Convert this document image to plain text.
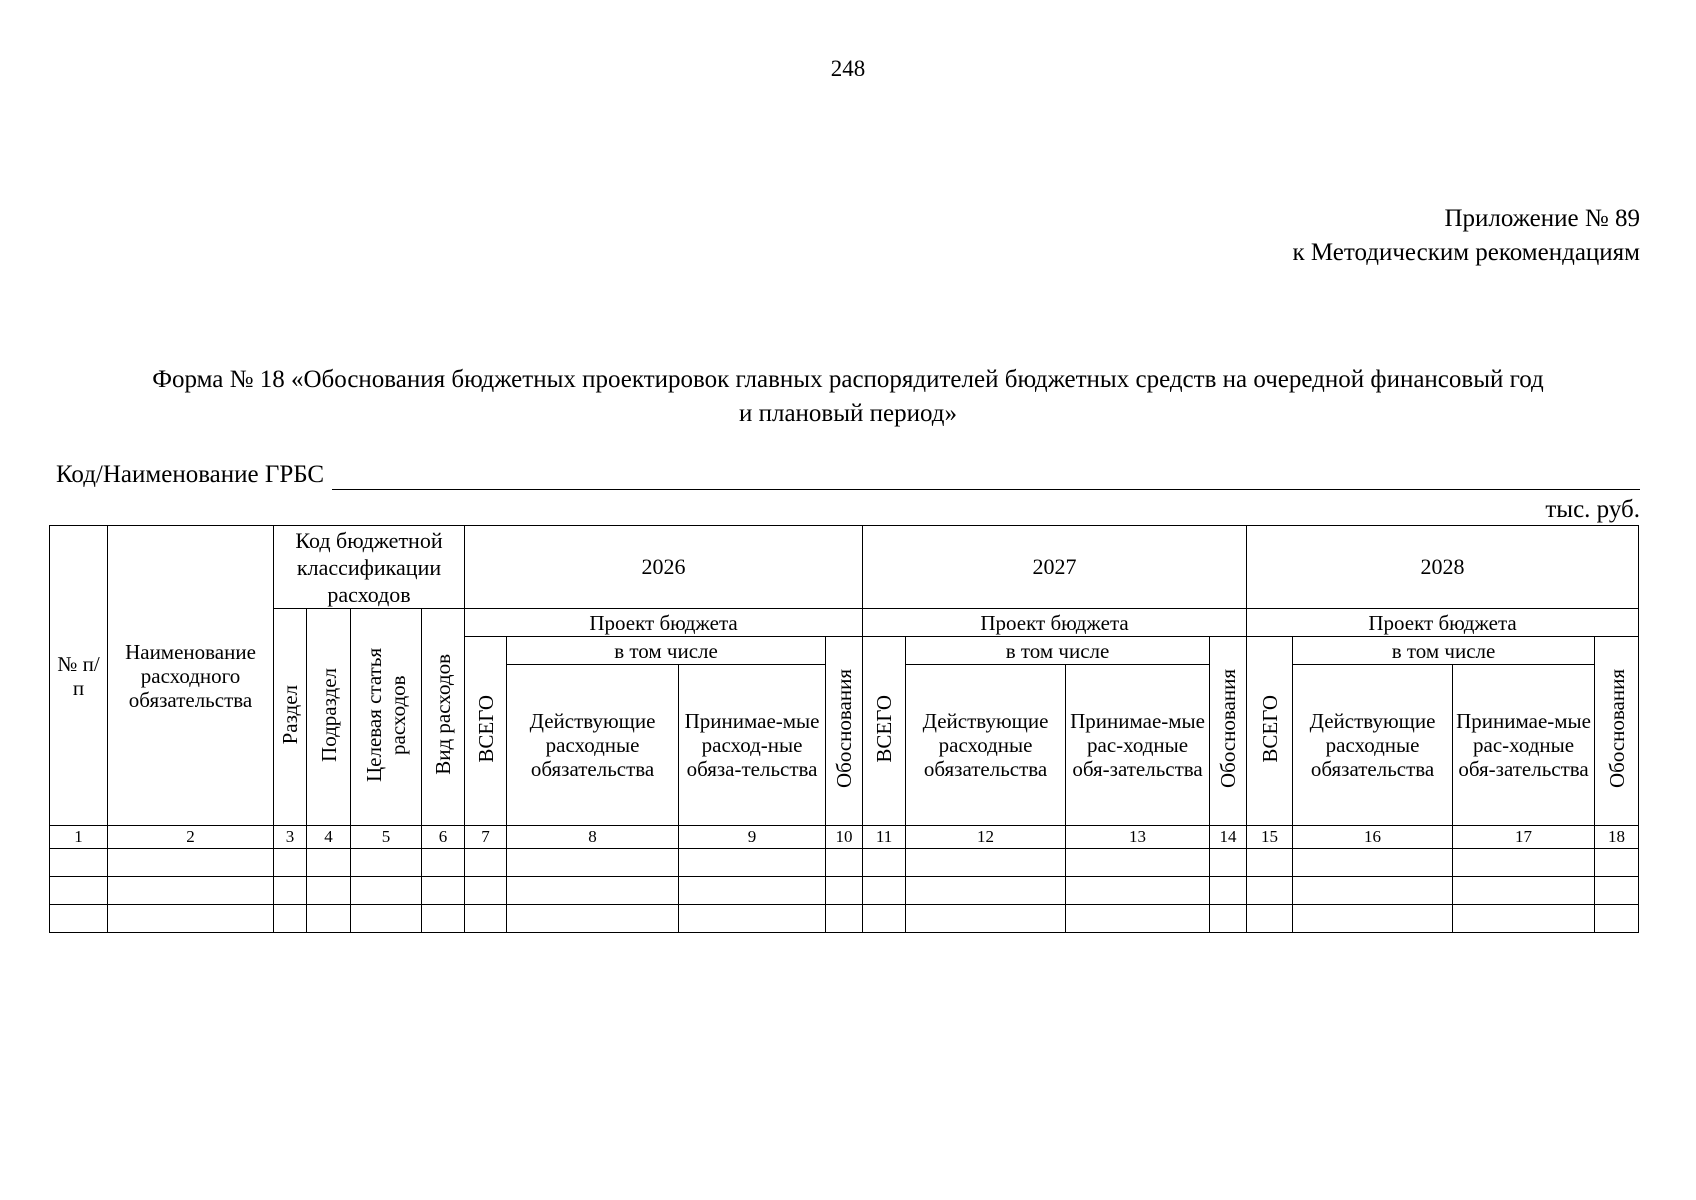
248
Приложение № 89
к Методическим рекомендациям
Форма № 18 «Обоснования бюджетных проектировок главных распорядителей бюджетных средств на очередной финансовый год
и плановый период»
Код/Наименование ГРБС
тыс. руб.
№ п/п	Наименование расходного обязательства	Код бюджетной классификации расходов				2026				2027				2028			
		Раздел	Подраздел	Целевая статья расходов	Вид расходов	Проект бюджета				Проект бюджета				Проект бюджета			
						ВСЕГО	в том числе		Обоснования	ВСЕГО	в том числе		Обоснования	ВСЕГО	в том числе		Обоснования
							Действующие расходные обязательства	Принимае-мые расход-ные обяза-тельства			Действующие расходные обязательства	Принимае-мые рас-ходные обя-зательства			Действующие расходные обязательства	Принимае-мые рас-ходные обя-зательства	
1	2	3	4	5	6	7	8	9	10	11	12	13	14	15	16	17	18
